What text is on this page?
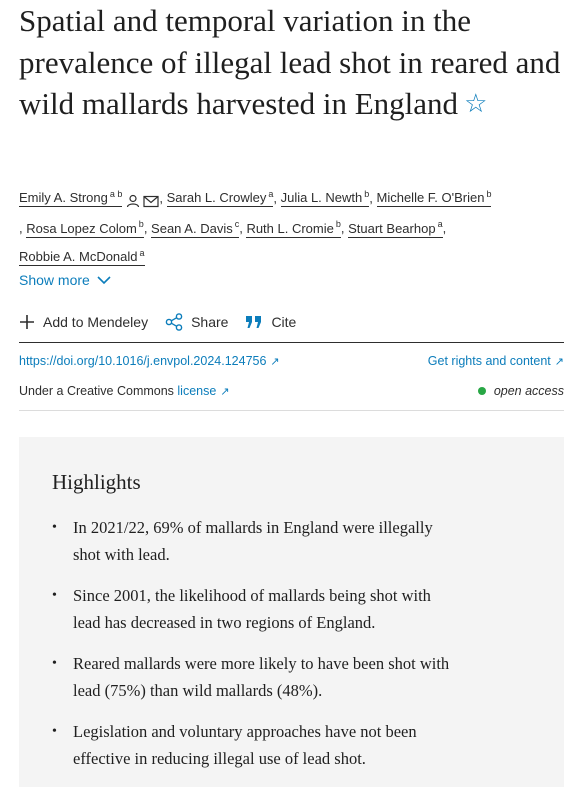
Spatial and temporal variation in the prevalence of illegal lead shot in reared and wild mallards harvested in England ☆
Emily A. Strong $^{a b}$	, Sarah L. Crowley $^a$, Julia L. Newth $^b$, Michelle F. O'Brien $^b$
, Rosa Lopez Colom $^b$, Sean A. Davis $^c$, Ruth L. Cromie $^b$, Stuart Bearhop $^a$,
Robbie A. McDonald $^a$
Show more
Add to Mendeley	Share	Cite
https://doi.org/10.1016/j.envpol.2024.124756 ↗	Get rights and content ↗
Under a Creative Commons license ↗	open access
Highlights
• In 2021/22, 69% of mallards in England were illegally shot with lead.
• Since 2001, the likelihood of mallards being shot with lead has decreased in two regions of England.
• Reared mallards were more likely to have been shot with lead (75%) than wild mallards (48%).
• Legislation and voluntary approaches have not been effective in reducing illegal use of lead shot.
